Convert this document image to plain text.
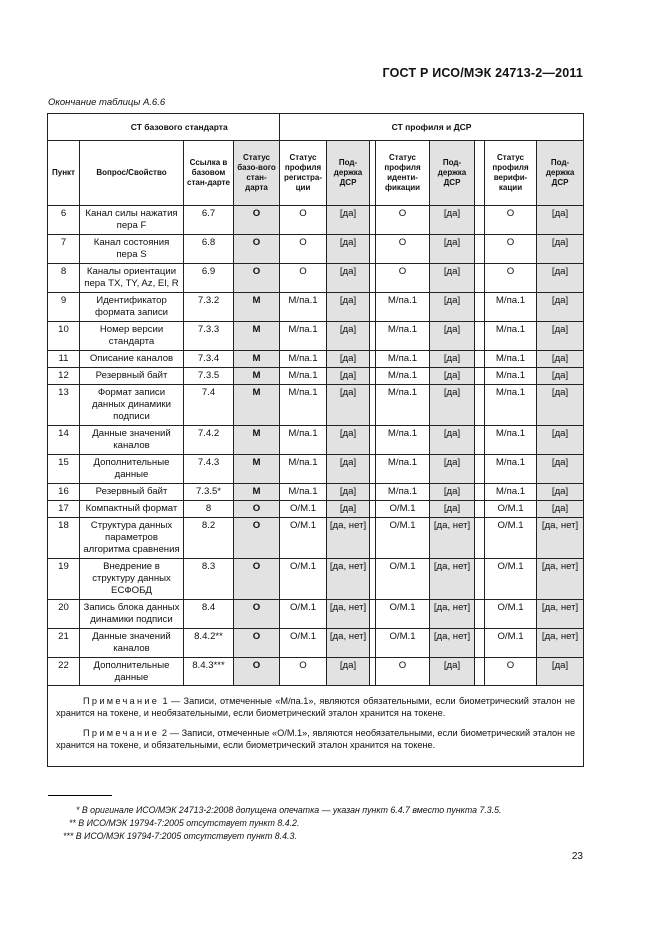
ГОСТ Р ИСО/МЭК 24713-2—2011
Окончание таблицы А.6.6
	СТ базового стандарта			СТ профиля и ДСР							
Пункт	Вопрос/Свойство	Ссылка в базовом стан-дарте	Статус базо-вого стан-дарта	Статус профиля регистра-ции	Под-держка ДСР		Статус профиля иденти-фикации	Под-держка ДСР		Статус профиля верифи-кации	Под-держка ДСР
6	Канал силы нажатия пера F	6.7	O	O	[да]		O	[да]		O	[да]
7	Канал состояния пера S	6.8	O	O	[да]		O	[да]		O	[да]
8	Каналы ориентации пера TX, TY, Az, El, R	6.9	O	O	[да]		O	[да]		O	[да]
9	Идентификатор формата записи	7.3.2	M	M/па.1	[да]		M/па.1	[да]		M/па.1	[да]
10	Номер версии стандарта	7.3.3	M	M/па.1	[да]		M/па.1	[да]		M/па.1	[да]
11	Описание каналов	7.3.4	M	M/па.1	[да]		M/па.1	[да]		M/па.1	[да]
12	Резервный байт	7.3.5	M	M/па.1	[да]		M/па.1	[да]		M/па.1	[да]
13	Формат записи данных динамики подписи	7.4	M	M/па.1	[да]		M/па.1	[да]		M/па.1	[да]
14	Данные значений каналов	7.4.2	M	M/па.1	[да]		M/па.1	[да]		M/па.1	[да]
15	Дополнительные данные	7.4.3	M	M/па.1	[да]		M/па.1	[да]		M/па.1	[да]
16	Резервный байт	7.3.5*	M	M/па.1	[да]		M/па.1	[да]		M/па.1	[да]
17	Компактный формат	8	O	O/M.1	[да]		O/M.1	[да]		O/M.1	[да]
18	Структура данных параметров алгоритма сравнения	8.2	O	O/M.1	[да, нет]		O/M.1	[да, нет]		O/M.1	[да, нет]
19	Внедрение в структуру данных ЕСФОБД	8.3	O	O/M.1	[да, нет]		O/M.1	[да, нет]		O/M.1	[да, нет]
20	Запись блока данных динамики подписи	8.4	O	O/M.1	[да, нет]		O/M.1	[да, нет]		O/M.1	[да, нет]
21	Данные значений каналов	8.4.2**	O	O/M.1	[да, нет]		O/M.1	[да, нет]		O/M.1	[да, нет]
22	Дополнительные данные	8.4.3***	O	O	[да]		O	[да]		O	[да]

Примечание 1 — Записи, отмеченные «M/па.1», являются обязательными, если биометрический эталон не хранится на токене, и необязательными, если биометрический эталон хранится на токене.

Примечание 2 — Записи, отмеченные «O/M.1», являются необязательными, если биометрический эталон не хранится на токене, и обязательными, если биометрический эталон хранится на токене.											

* В оригинале ИСО/МЭК 24713-2:2008 допущена опечатка — указан пункт 6.4.7 вместо пункта 7.3.5.
** В ИСО/МЭК 19794-7:2005 отсутствует пункт 8.4.2.
*** В ИСО/МЭК 19794-7:2005 отсутствует пункт 8.4.3.
23
